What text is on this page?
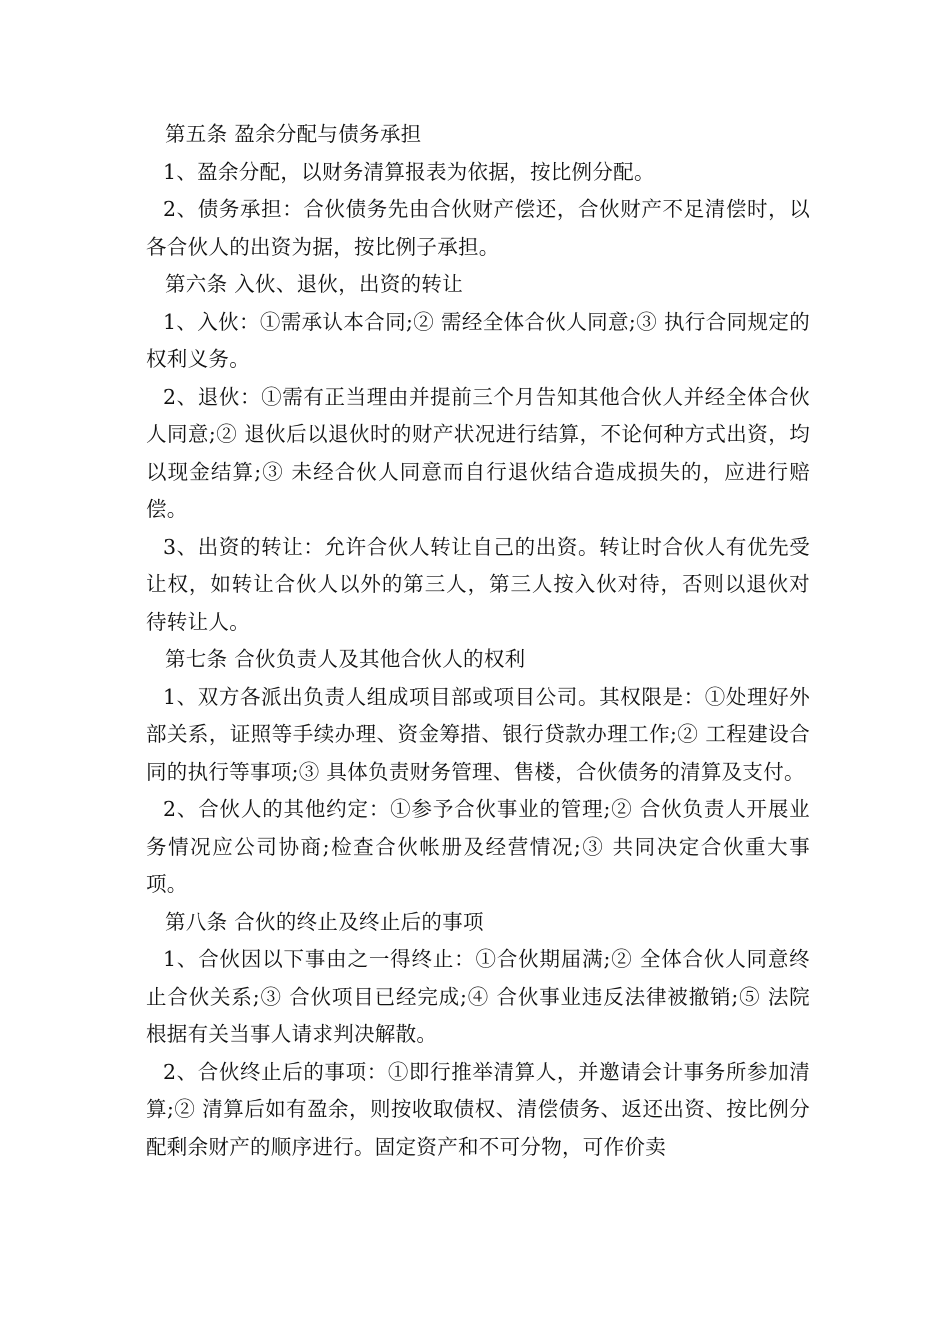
第五条 盈余分配与债务承担

1、盈余分配，以财务清算报表为依据，按比例分配。

2、债务承担：合伙债务先由合伙财产偿还，合伙财产不足清偿时，以各合伙人的出资为据，按比例子承担。

第六条 入伙、退伙，出资的转让

1、入伙：①需承认本合同;② 需经全体合伙人同意;③ 执行合同规定的权利义务。

2、退伙：①需有正当理由并提前三个月告知其他合伙人并经全体合伙人同意;② 退伙后以退伙时的财产状况进行结算，不论何种方式出资，均以现金结算;③ 未经合伙人同意而自行退伙结合造成损失的，应进行赔偿。

3、出资的转让：允许合伙人转让自己的出资。转让时合伙人有优先受让权，如转让合伙人以外的第三人，第三人按入伙对待，否则以退伙对待转让人。

第七条 合伙负责人及其他合伙人的权利

1、双方各派出负责人组成项目部或项目公司。其权限是：①处理好外部关系，证照等手续办理、资金筹措、银行贷款办理工作;② 工程建设合同的执行等事项;③ 具体负责财务管理、售楼，合伙债务的清算及支付。

2、合伙人的其他约定：①参予合伙事业的管理;② 合伙负责人开展业务情况应公司协商;检查合伙帐册及经营情况;③ 共同决定合伙重大事项。

第八条 合伙的终止及终止后的事项

1、合伙因以下事由之一得终止：①合伙期届满;② 全体合伙人同意终止合伙关系;③ 合伙项目已经完成;④ 合伙事业违反法律被撤销;⑤ 法院根据有关当事人请求判决解散。

2、合伙终止后的事项：①即行推举清算人，并邀请会计事务所参加清算;② 清算后如有盈余，则按收取债权、清偿债务、返还出资、按比例分配剩余财产的顺序进行。固定资产和不可分物，可作价卖
